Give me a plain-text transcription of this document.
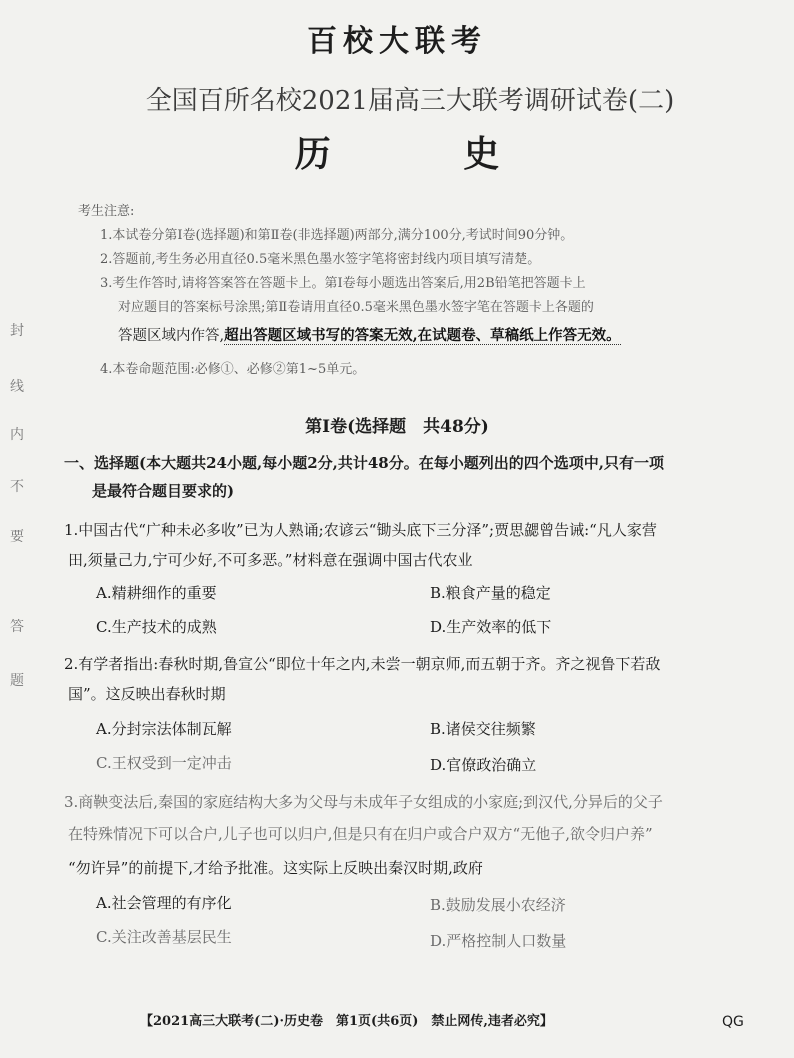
百校大联考
全国百所名校2021届高三大联考调研试卷(二)
历 史
考生注意:
1.本试卷分第Ⅰ卷(选择题)和第Ⅱ卷(非选择题)两部分,满分100分,考试时间90分钟。
2.答题前,考生务必用直径0.5毫米黑色墨水签字笔将密封线内项目填写清楚。
3.考生作答时,请将答案答在答题卡上。第Ⅰ卷每小题选出答案后,用2B铅笔把答题卡上
对应题目的答案标号涂黑;第Ⅱ卷请用直径0.5毫米黑色墨水签字笔在答题卡上各题的
答题区域内作答,超出答题区域书写的答案无效,在试题卷、草稿纸上作答无效。
4.本卷命题范围:必修①、必修②第1~5单元。
第Ⅰ卷(选择题　共48分)
一、选择题(本大题共24小题,每小题2分,共计48分。在每小题列出的四个选项中,只有一项
是最符合题目要求的)
1.中国古代“广种未必多收”已为人熟诵;农谚云“锄头底下三分泽”;贾思勰曾告诫:“凡人家营
田,须量己力,宁可少好,不可多恶。”材料意在强调中国古代农业
A.精耕细作的重要	B.粮食产量的稳定
C.生产技术的成熟	D.生产效率的低下
2.有学者指出:春秋时期,鲁宣公“即位十年之内,未尝一朝京师,而五朝于齐。齐之视鲁下若敌
国”。这反映出春秋时期
A.分封宗法体制瓦解	B.诸侯交往频繁
C.王权受到一定冲击	D.官僚政治确立
3.商鞅变法后,秦国的家庭结构大多为父母与未成年子女组成的小家庭;到汉代,分异后的父子
在特殊情况下可以合户,儿子也可以归户,但是只有在归户或合户双方“无他子,欲令归户养”
“勿许异”的前提下,才给予批准。这实际上反映出秦汉时期,政府
A.社会管理的有序化	B.鼓励发展小农经济
C.关注改善基层民生	D.严格控制人口数量
封
线
内
不
要
答
题
【2021高三大联考(二)·历史卷　第1页(共6页)　禁止网传,违者必究】	QG
